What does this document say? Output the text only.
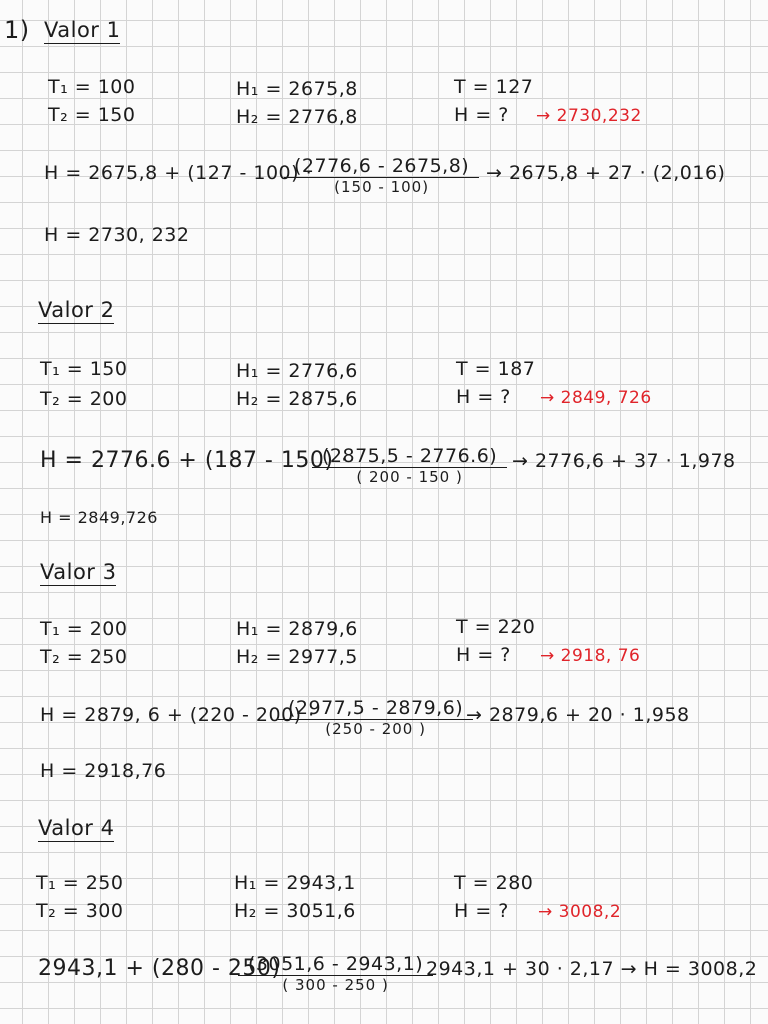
1) Valor 1
T₁ = 100
T₂ = 150
H₁ = 2675,8
H₂ = 2776,8
T = 127
H = ? → 2730,232
H = 2675,8 + (127 - 100) ·
(2776,6 - 2675,8)
(150 - 100)
→ 2675,8 + 27 · (2,016)
H = 2730, 232
Valor 2
T₁ = 150
T₂ = 200
H₁ = 2776,6
H₂ = 2875,6
T = 187
H = ? → 2849, 726
H = 2776.6 + (187 - 150) ·
(2875,5 - 2776.6)
( 200 - 150 )
→ 2776,6 + 37 · 1,978
H = 2849,726
Valor 3
T₁ = 200
T₂ = 250
H₁ = 2879,6
H₂ = 2977,5
T = 220
H = ? → 2918, 76
H = 2879, 6 + (220 - 200) ·
(2977,5 - 2879,6)
(250 - 200 )
→ 2879,6 + 20 · 1,958
H = 2918,76
Valor 4
T₁ = 250
T₂ = 300
H₁ = 2943,1
H₂ = 3051,6
T = 280
H = ? → 3008,2
2943,1 + (280 - 250)
(3051,6 - 2943,1)
( 300 - 250 )
2943,1 + 30 · 2,17 → H = 3008,2
